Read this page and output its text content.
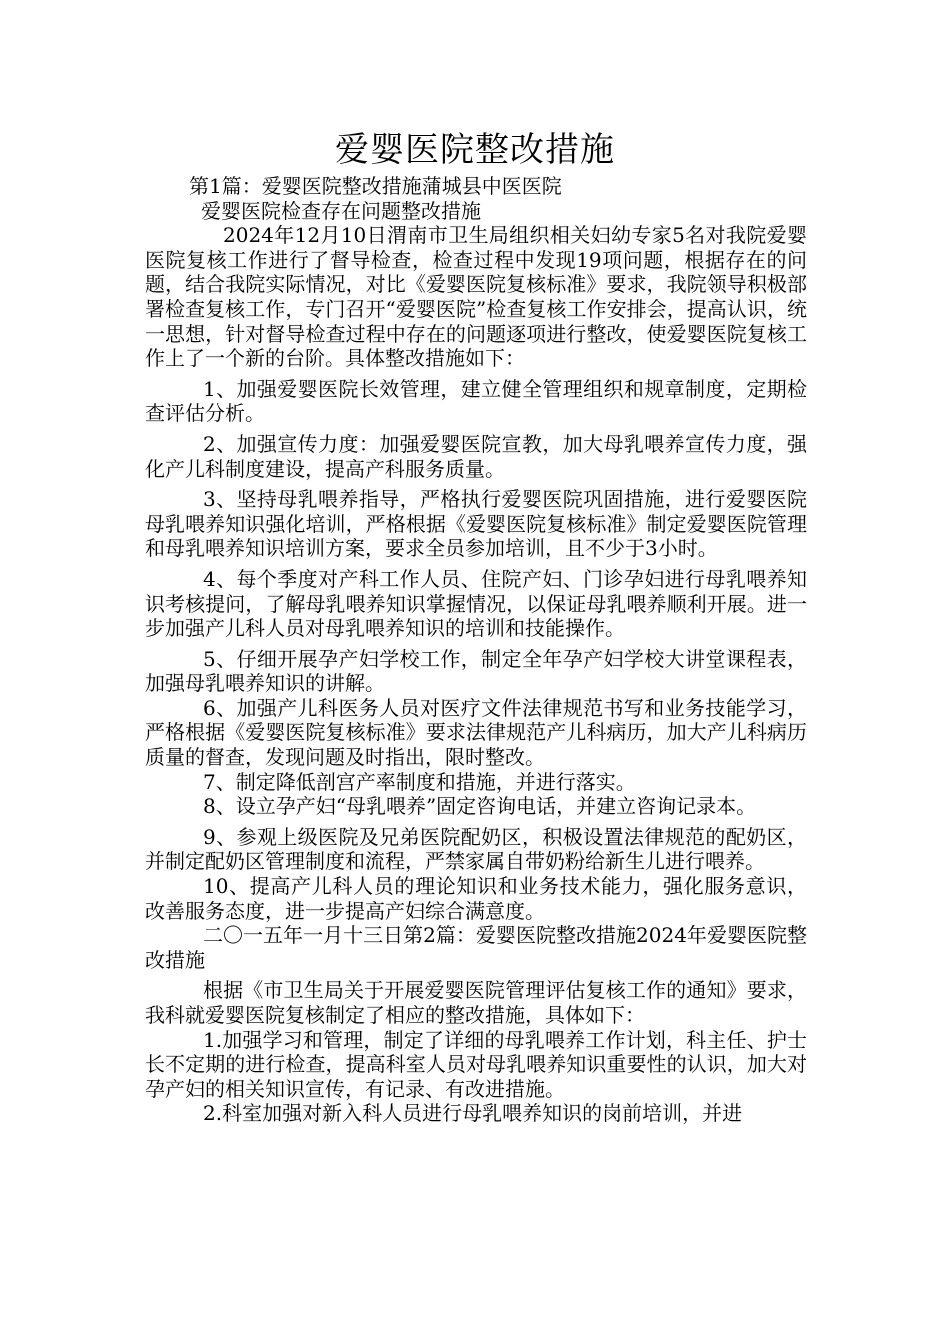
爱婴医院整改措施

第1篇：爱婴医院整改措施蒲城县中医医院

爱婴医院检查存在问题整改措施

2024年12月10日渭南市卫生局组织相关妇幼专家5名对我院爱婴医院复核工作进行了督导检查，检查过程中发现19项问题，根据存在的问题，结合我院实际情况，对比《爱婴医院复核标准》要求，我院领导积极部署检查复核工作，专门召开“爱婴医院”检查复核工作安排会，提高认识，统一思想，针对督导检查过程中存在的问题逐项进行整改，使爱婴医院复核工作上了一个新的台阶。具体整改措施如下：

1、加强爱婴医院长效管理，建立健全管理组织和规章制度，定期检查评估分析。

2、加强宣传力度：加强爱婴医院宣教，加大母乳喂养宣传力度，强化产儿科制度建设，提高产科服务质量。

3、坚持母乳喂养指导，严格执行爱婴医院巩固措施，进行爱婴医院母乳喂养知识强化培训，严格根据《爱婴医院复核标准》制定爱婴医院管理和母乳喂养知识培训方案，要求全员参加培训，且不少于3小时。

4、每个季度对产科工作人员、住院产妇、门诊孕妇进行母乳喂养知识考核提问，了解母乳喂养知识掌握情况，以保证母乳喂养顺利开展。进一步加强产儿科人员对母乳喂养知识的培训和技能操作。

5、仔细开展孕产妇学校工作，制定全年孕产妇学校大讲堂课程表，加强母乳喂养知识的讲解。

6、加强产儿科医务人员对医疗文件法律规范书写和业务技能学习，严格根据《爱婴医院复核标准》要求法律规范产儿科病历，加大产儿科病历质量的督查，发现问题及时指出，限时整改。

7、制定降低剖宫产率制度和措施，并进行落实。

8、设立孕产妇“母乳喂养”固定咨询电话，并建立咨询记录本。

9、参观上级医院及兄弟医院配奶区，积极设置法律规范的配奶区，并制定配奶区管理制度和流程，严禁家属自带奶粉给新生儿进行喂养。

10、提高产儿科人员的理论知识和业务技术能力，强化服务意识，改善服务态度，进一步提高产妇综合满意度。

二〇一五年一月十三日第2篇：爱婴医院整改措施2024年爱婴医院整改措施

根据《市卫生局关于开展爱婴医院管理评估复核工作的通知》要求，我科就爱婴医院复核制定了相应的整改措施，具体如下：

1.加强学习和管理，制定了详细的母乳喂养工作计划，科主任、护士长不定期的进行检查，提高科室人员对母乳喂养知识重要性的认识，加大对孕产妇的相关知识宣传，有记录、有改进措施。

2.科室加强对新入科人员进行母乳喂养知识的岗前培训，并进
